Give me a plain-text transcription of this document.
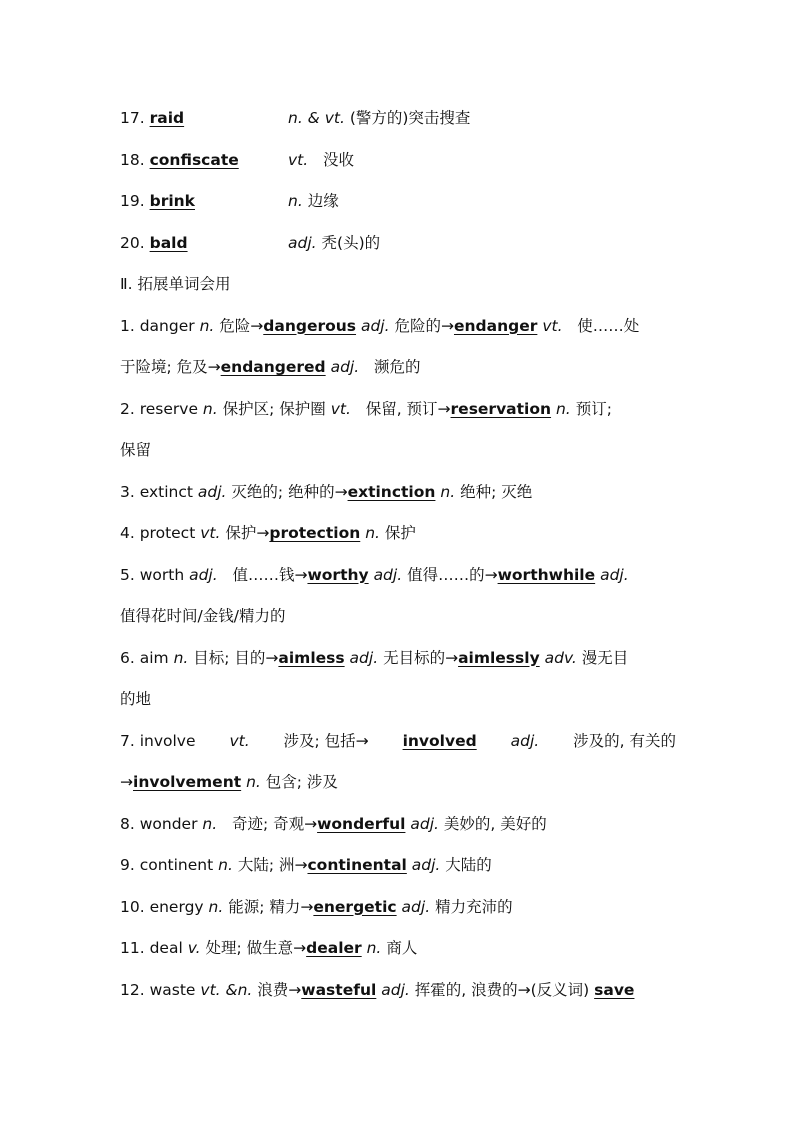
17. raid	n. & vt. (警方的)突击搜查
18. confiscate	vt. 没收
19. brink	n. 边缘
20. bald	adj. 秃(头)的
Ⅱ. 拓展单词会用
1. danger n. 危险→dangerous adj. 危险的→endanger vt. 使……处
于险境; 危及→endangered adj. 濒危的
2. reserve n. 保护区; 保护圈 vt. 保留, 预订→reservation n. 预订;
保留
3. extinct adj. 灭绝的; 绝种的→extinction n. 绝种; 灭绝
4. protect vt. 保护→protection n. 保护
5. worth adj. 值……钱→worthy adj. 值得……的→worthwhile adj.
值得花时间/金钱/精力的
6. aim n. 目标; 目的→aimless adj. 无目标的→aimlessly adv. 漫无目
的地
7. involve vt. 涉及; 包括→ involved adj. 涉及的, 有关的
→involvement n. 包含; 涉及
8. wonder n. 奇迹; 奇观→wonderful adj. 美妙的, 美好的
9. continent n. 大陆; 洲→continental adj. 大陆的
10. energy n. 能源; 精力→energetic adj. 精力充沛的
11. deal v. 处理; 做生意→dealer n. 商人
12. waste vt. &n. 浪费→wasteful adj. 挥霍的, 浪费的→(反义词) save
